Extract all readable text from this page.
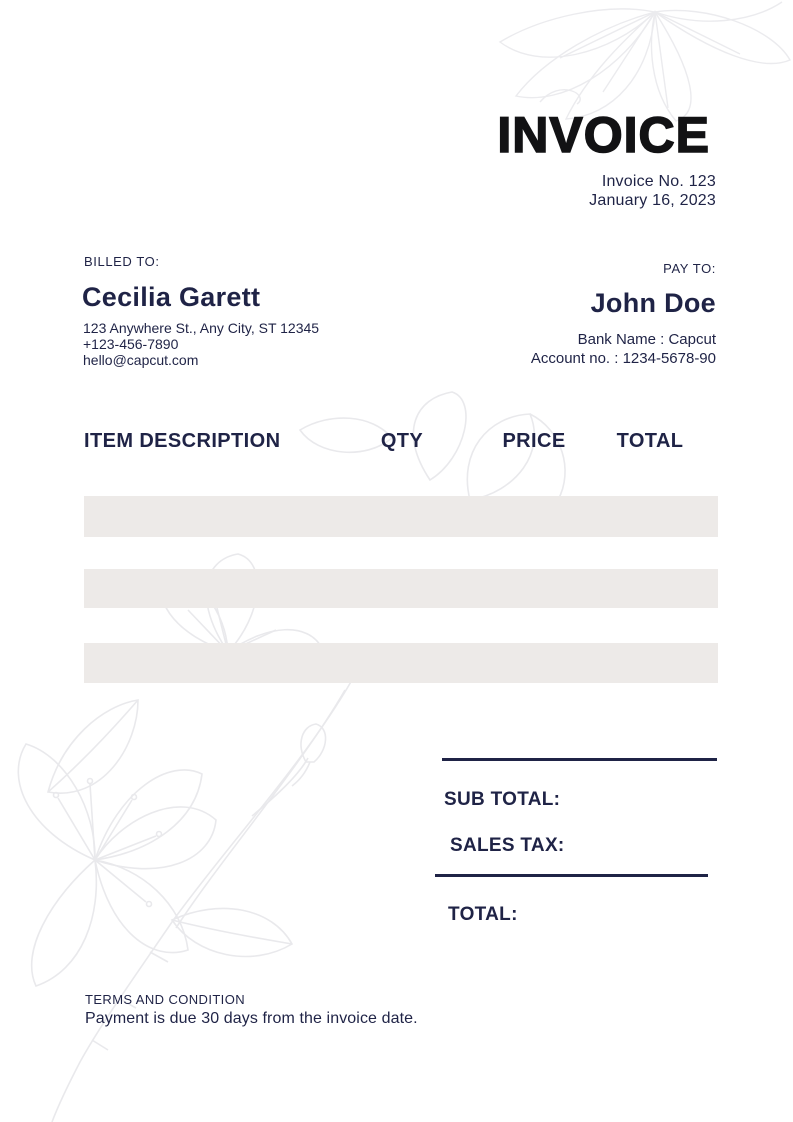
INVOICE
Invoice No. 123
January 16, 2023
BILLED TO:
Cecilia Garett
123 Anywhere St., Any City, ST 12345
+123-456-7890
hello@capcut.com
PAY TO:
John Doe
Bank Name : Capcut
Account no. : 1234-5678-90
ITEM DESCRIPTION	QTY	PRICE	TOTAL
SUB TOTAL:
SALES TAX:
TOTAL:
TERMS AND CONDITION
Payment is due 30 days from the invoice date.
